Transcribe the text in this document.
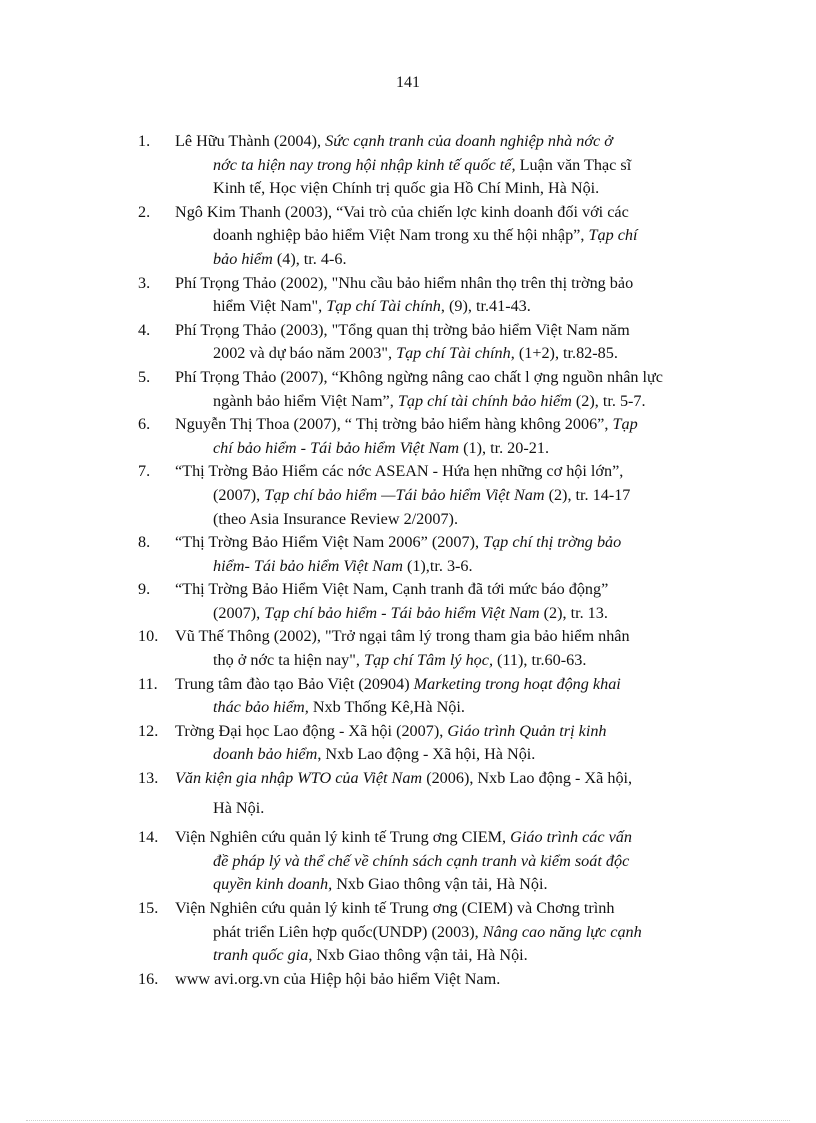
141
1. Lê Hữu Thành (2004), Sức cạnh tranh của doanh nghiệp nhà nớc ở
nớc ta hiện nay trong hội nhập kinh tế quốc tế, Luận văn Thạc sĩ
Kinh tế, Học viện Chính trị quốc gia Hồ Chí Minh, Hà Nội.
2. Ngô Kim Thanh (2003), “Vai trò của chiến lợc kinh doanh đối với các
doanh nghiệp bảo hiểm Việt Nam trong xu thế hội nhập”, Tạp chí
bảo hiểm (4), tr. 4-6.
3. Phí Trọng Thảo (2002), "Nhu cầu bảo hiểm nhân thọ trên thị trờng bảo
hiểm Việt Nam", Tạp chí Tài chính, (9), tr.41-43.
4. Phí Trọng Thảo (2003), "Tổng quan thị trờng bảo hiểm Việt Nam năm
2002 và dự báo năm 2003", Tạp chí Tài chính, (1+2), tr.82-85.
5. Phí Trọng Thảo (2007), “Không ngừng nâng cao chất l ợng nguồn nhân lực
ngành bảo hiểm Việt Nam”, Tạp chí tài chính bảo hiểm (2), tr. 5-7.
6. Nguyễn Thị Thoa (2007), “ Thị trờng bảo hiểm hàng không 2006”, Tạp
chí bảo hiểm - Tái bảo hiểm Việt Nam (1), tr. 20-21.
7. “Thị Trờng Bảo Hiểm các nớc ASEAN - Hứa hẹn những cơ hội lớn”,
(2007), Tạp chí bảo hiểm —Tái bảo hiểm Việt Nam (2), tr. 14-17
(theo Asia Insurance Review 2/2007).
8. “Thị Trờng Bảo Hiểm Việt Nam 2006” (2007), Tạp chí thị trờng bảo
hiểm- Tái bảo hiểm Việt Nam (1),tr. 3-6.
9. “Thị Trờng Bảo Hiểm Việt Nam, Cạnh tranh đã tới mức báo động”
(2007), Tạp chí bảo hiểm - Tái bảo hiểm Việt Nam (2), tr. 13.
10. Vũ Thế Thông (2002), "Trở ngại tâm lý trong tham gia bảo hiểm nhân
thọ ở nớc ta hiện nay", Tạp chí Tâm lý học, (11), tr.60-63.
11. Trung tâm đào tạo Bảo Việt (20904) Marketing trong hoạt động khai
thác bảo hiểm, Nxb Thống Kê,Hà Nội.
12. Trờng Đại học Lao động - Xã hội (2007), Giáo trình Quản trị kinh
doanh bảo hiểm, Nxb Lao động - Xã hội, Hà Nội.
13. Văn kiện gia nhập WTO của Việt Nam (2006), Nxb Lao động - Xã hội,
Hà Nội.
14. Viện Nghiên cứu quản lý kinh tế Trung ơng CIEM, Giáo trình các vấn
đề pháp lý và thể chế về chính sách cạnh tranh và kiểm soát độc
quyền kinh doanh, Nxb Giao thông vận tải, Hà Nội.
15. Viện Nghiên cứu quản lý kinh tế Trung ơng (CIEM) và Chơng trình
phát triển Liên hợp quốc(UNDP) (2003), Nâng cao năng lực cạnh
tranh quốc gia, Nxb Giao thông vận tải, Hà Nội.
16. www avi.org.vn của Hiệp hội bảo hiểm Việt Nam.
